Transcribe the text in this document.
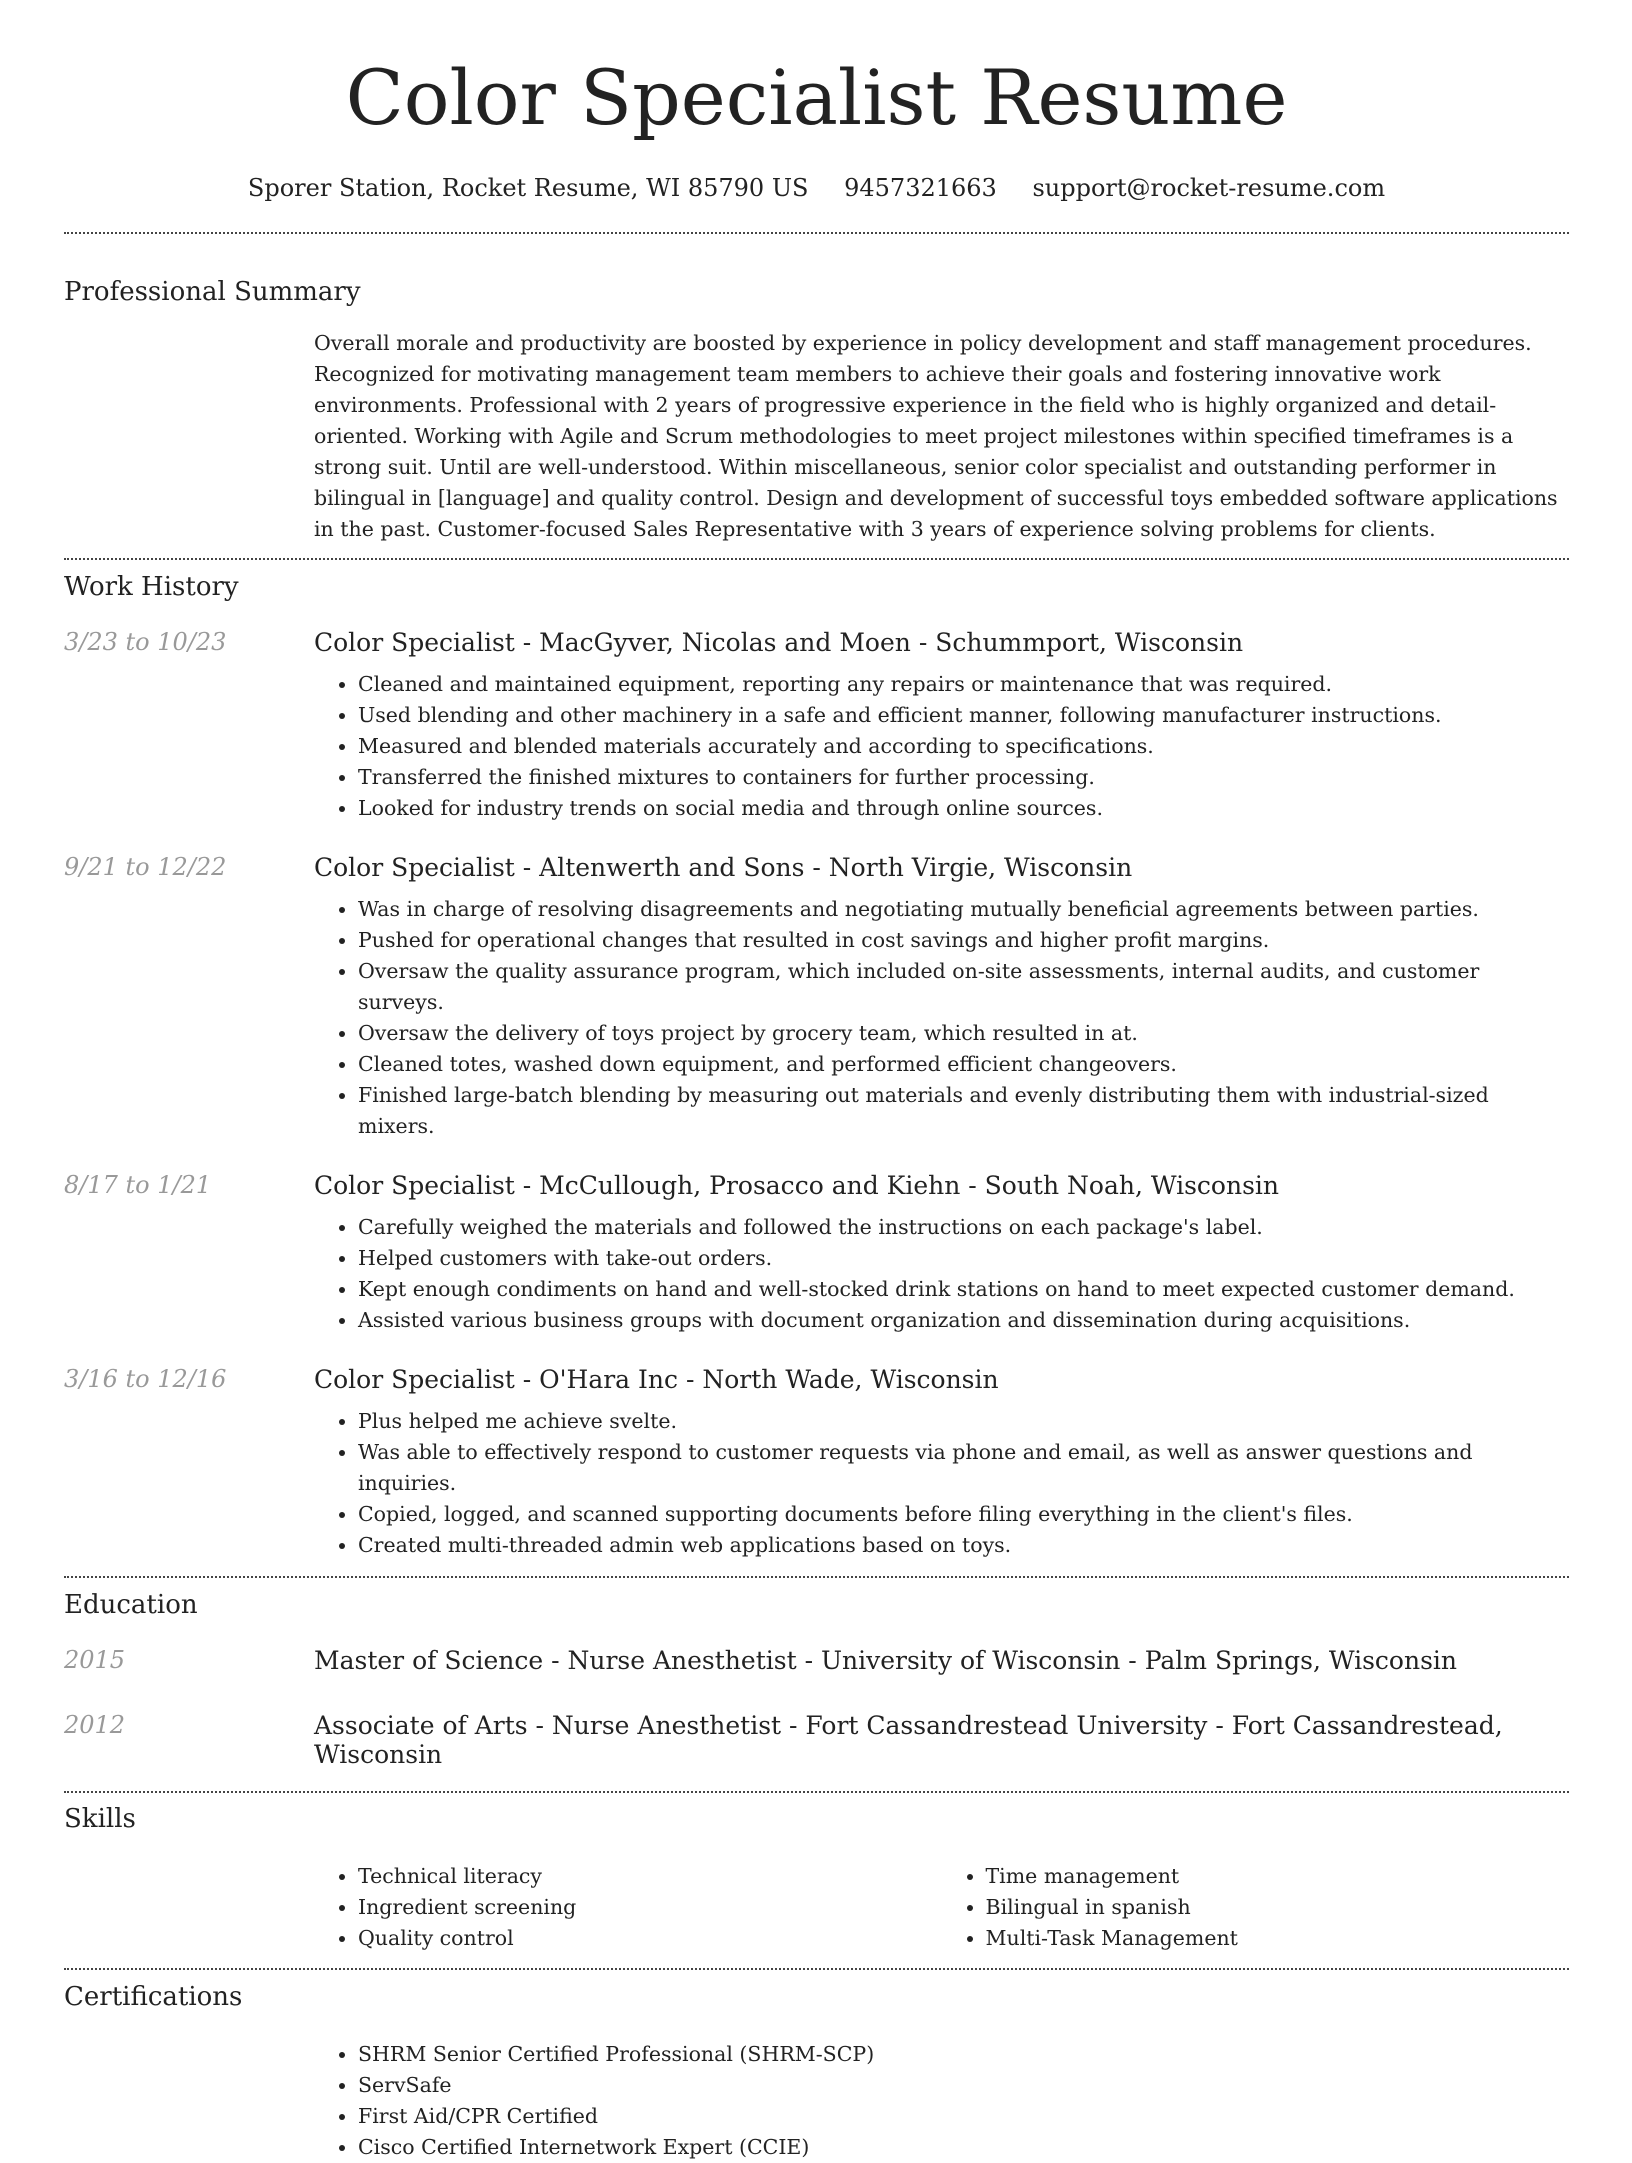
Color Specialist Resume
Sporer Station, Rocket Resume, WI 85790 US 9457321663 support@rocket-resume.com
Professional Summary
Overall morale and productivity are boosted by experience in policy development and staff management procedures. Recognized for motivating management team members to achieve their goals and fostering innovative work environments. Professional with 2 years of progressive experience in the field who is highly organized and detail-oriented. Working with Agile and Scrum methodologies to meet project milestones within specified timeframes is a strong suit. Until are well-understood. Within miscellaneous, senior color specialist and outstanding performer in bilingual in [language] and quality control. Design and development of successful toys embedded software applications in the past. Customer-focused Sales Representative with 3 years of experience solving problems for clients.
Work History
3/23 to 10/23	Color Specialist - MacGyver, Nicolas and Moen - Schummport, Wisconsin
• Cleaned and maintained equipment, reporting any repairs or maintenance that was required.
• Used blending and other machinery in a safe and efficient manner, following manufacturer instructions.
• Measured and blended materials accurately and according to specifications.
• Transferred the finished mixtures to containers for further processing.
• Looked for industry trends on social media and through online sources.
9/21 to 12/22	Color Specialist - Altenwerth and Sons - North Virgie, Wisconsin
• Was in charge of resolving disagreements and negotiating mutually beneficial agreements between parties.
• Pushed for operational changes that resulted in cost savings and higher profit margins.
• Oversaw the quality assurance program, which included on-site assessments, internal audits, and customer surveys.
• Oversaw the delivery of toys project by grocery team, which resulted in at.
• Cleaned totes, washed down equipment, and performed efficient changeovers.
• Finished large-batch blending by measuring out materials and evenly distributing them with industrial-sized mixers.
8/17 to 1/21	Color Specialist - McCullough, Prosacco and Kiehn - South Noah, Wisconsin
• Carefully weighed the materials and followed the instructions on each package's label.
• Helped customers with take-out orders.
• Kept enough condiments on hand and well-stocked drink stations on hand to meet expected customer demand.
• Assisted various business groups with document organization and dissemination during acquisitions.
3/16 to 12/16	Color Specialist - O'Hara Inc - North Wade, Wisconsin
• Plus helped me achieve svelte.
• Was able to effectively respond to customer requests via phone and email, as well as answer questions and inquiries.
• Copied, logged, and scanned supporting documents before filing everything in the client's files.
• Created multi-threaded admin web applications based on toys.
Education
2015	Master of Science - Nurse Anesthetist - University of Wisconsin - Palm Springs, Wisconsin
2012	Associate of Arts - Nurse Anesthetist - Fort Cassandrestead University - Fort Cassandrestead, Wisconsin
Skills
• Technical literacy
• Ingredient screening
• Quality control
• Time management
• Bilingual in spanish
• Multi-Task Management
Certifications
• SHRM Senior Certified Professional (SHRM-SCP)
• ServSafe
• First Aid/CPR Certified
• Cisco Certified Internetwork Expert (CCIE)
